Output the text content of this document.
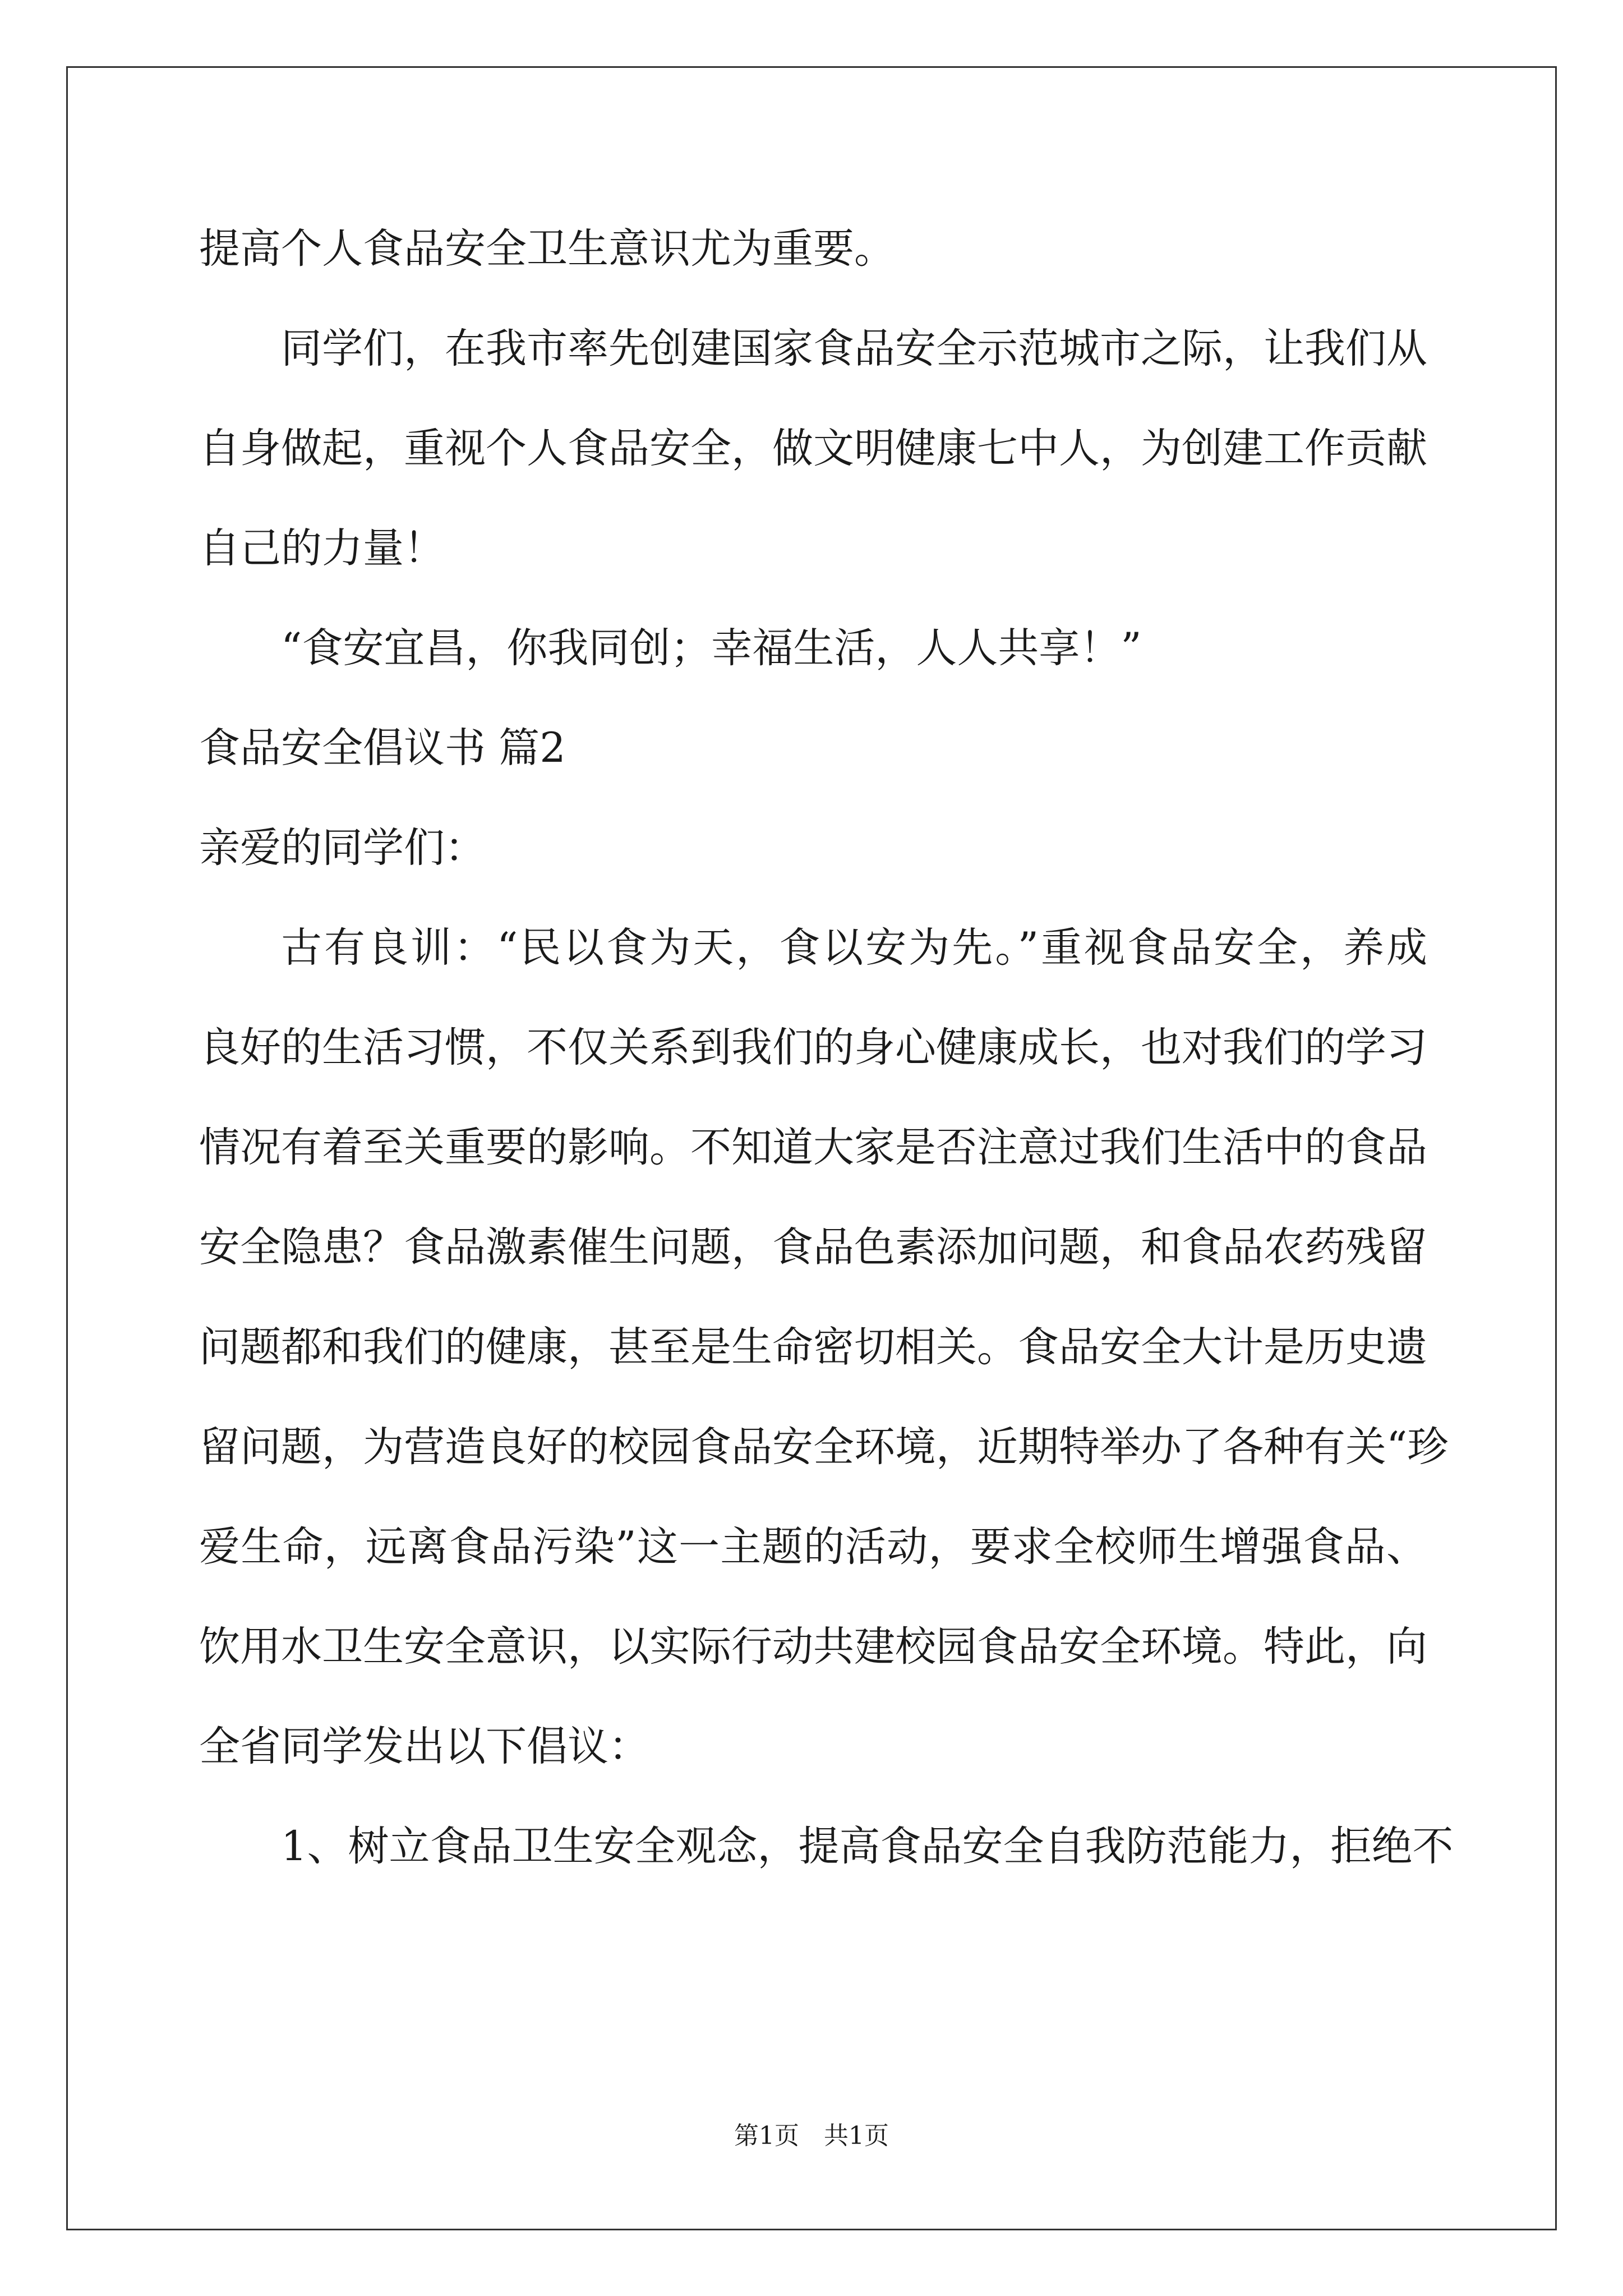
提高个人食品安全卫生意识尤为重要。
同学们，在我市率先创建国家食品安全示范城市之际，让我们从
自身做起，重视个人食品安全，做文明健康七中人，为创建工作贡献
自己的力量！
“食安宜昌，你我同创；幸福生活，人人共享！”
食品安全倡议书 篇2
亲爱的同学们：
古有良训：“民以食为天，食以安为先。”重视食品安全，养成
良好的生活习惯，不仅关系到我们的身心健康成长，也对我们的学习
情况有着至关重要的影响。不知道大家是否注意过我们生活中的食品
安全隐患？食品激素催生问题，食品色素添加问题，和食品农药残留
问题都和我们的健康，甚至是生命密切相关。食品安全大计是历史遗
留问题，为营造良好的校园食品安全环境，近期特举办了各种有关“珍
爱生命，远离食品污染”这一主题的活动，要求全校师生增强食品、
饮用水卫生安全意识，以实际行动共建校园食品安全环境。特此，向
全省同学发出以下倡议：
1、树立食品卫生安全观念，提高食品安全自我防范能力，拒绝不
第1页　共1页
